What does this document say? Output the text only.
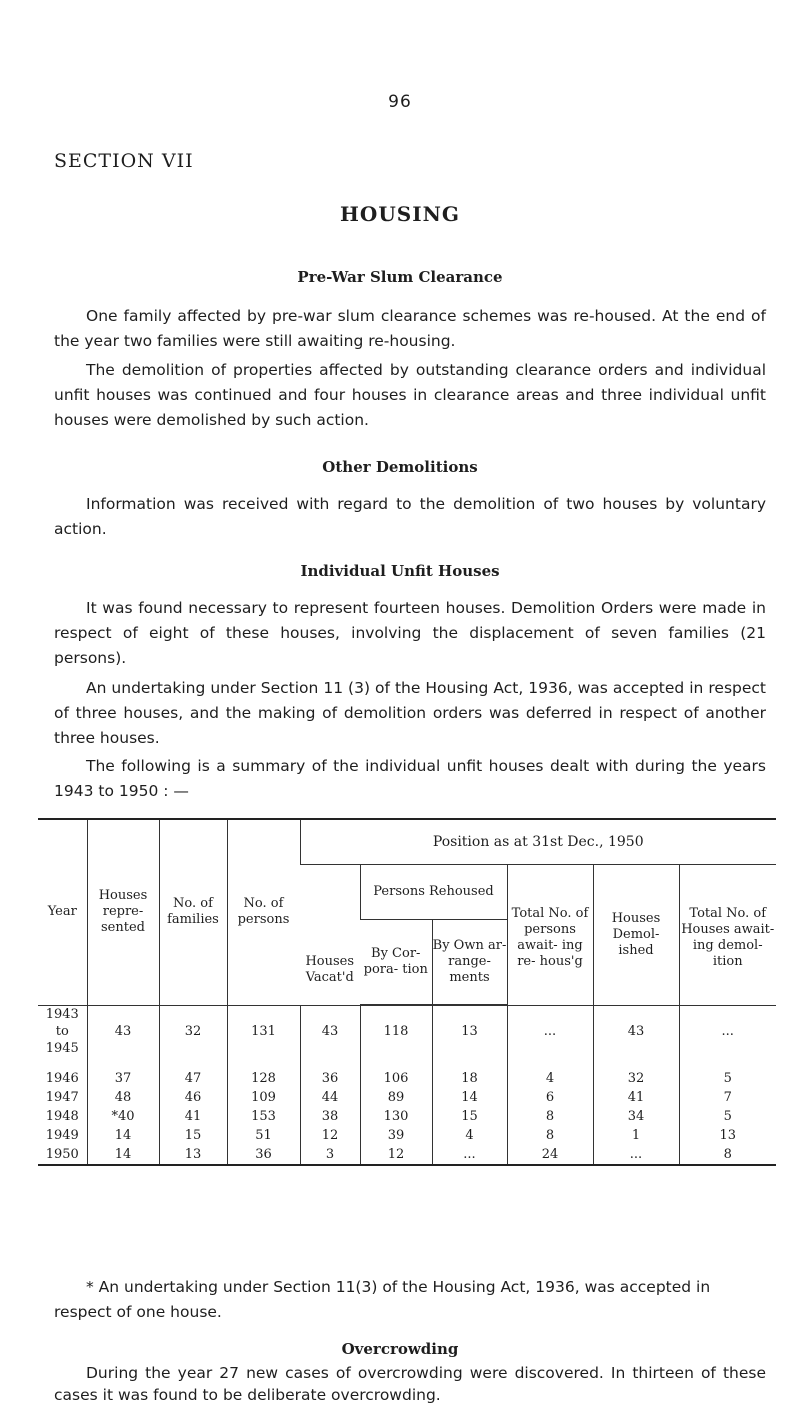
96
SECTION VII
HOUSING
Pre-War Slum Clearance
One family affected by pre-war slum clearance schemes was re-housed. At the end of the year two families were still awaiting re-housing.
The demolition of properties affected by outstanding clearance orders and individual unfit houses was continued and four houses in clearance areas and three individual unfit houses were demolished by such action.
Other Demolitions
Information was received with regard to the demolition of two houses by voluntary action.
Individual Unfit Houses
It was found necessary to represent fourteen houses. Demolition Orders were made in respect of eight of these houses, involving the displacement of seven families (21 persons).
An undertaking under Section 11 (3) of the Housing Act, 1936, was accepted in respect of three houses, and the making of demolition orders was deferred in respect of another three houses.
The following is a summary of the individual unfit houses dealt with during the years 1943 to 1950 : —
Year	Houses repre- sented	No. of families	No. of persons	Position as at 31st Dec., 1950					
				Houses Vacat'd	Persons Rehoused		Total No. of persons await- ing re- hous'g	Houses Demol- ished	Total No. of Houses await- ing demol- ition
					By Cor- pora- tion	By Own ar- range- ments			

1943 to 1945	43	32	131	43	118	13	...	43	...
1946	37	47	128	36	106	18	4	32	5
1947	48	46	109	44	89	14	6	41	7
1948	*40	41	153	38	130	15	8	34	5
1949	14	15	51	12	39	4	8	1	13
1950	14	13	36	3	12	...	24	...	8
* An undertaking under Section 11(3) of the Housing Act, 1936, was accepted in respect of one house.
Overcrowding
During the year 27 new cases of overcrowding were discovered. In thirteen of these cases it was found to be deliberate overcrowding.
